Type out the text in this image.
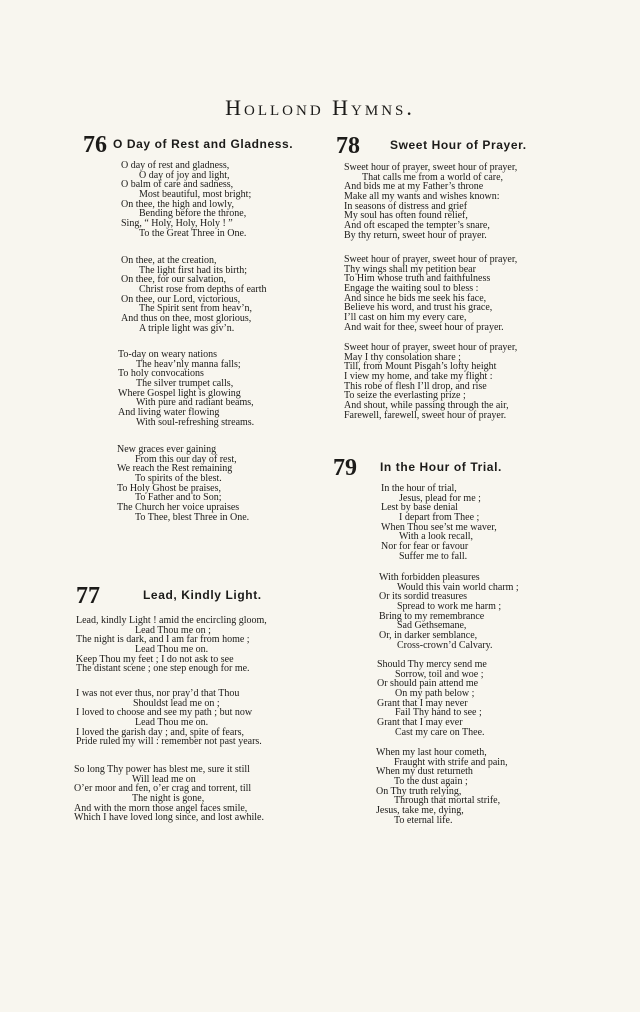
Hollond Hymns.
76 O Day of Rest and Gladness.
O day of rest and gladness,
O day of joy and light,
O balm of care and sadness,
Most beautiful, most bright;
On thee, the high and lowly,
Bending before the throne,
Sing, “ Holy, Holy, Holy ! ”
To the Great Three in One.
On thee, at the creation,
The light first had its birth;
On thee, for our salvation,
Christ rose from depths of earth
On thee, our Lord, victorious,
The Spirit sent from heav’n,
And thus on thee, most glorious,
A triple light was giv’n.
To-day on weary nations
The heav’nly manna falls;
To holy convocations
The silver trumpet calls,
Where Gospel light is glowing
With pure and radiant beams,
And living water flowing
With soul-refreshing streams.
New graces ever gaining
From this our day of rest,
We reach the Rest remaining
To spirits of the blest.
To Holy Ghost be praises,
To Father and to Son;
The Church her voice upraises
To Thee, blest Three in One.
77	Lead, Kindly Light.
Lead, kindly Light ! amid the encircling gloom,
Lead Thou me on ;
The night is dark, and I am far from home ;
Lead Thou me on.
Keep Thou my feet ; I do not ask to see
The distant scene ; one step enough for me.
I was not ever thus, nor pray’d that Thou
Shouldst lead me on ;
I loved to choose and see my path ; but now
Lead Thou me on.
I loved the garish day ; and, spite of fears,
Pride ruled my will : remember not past years.
So long Thy power has blest me, sure it still
Will lead me on
O’er moor and fen, o’er crag and torrent, till
The night is gone,
And with the morn those angel faces smile,
Which I have loved long since, and lost awhile.
78	Sweet Hour of Prayer.
Sweet hour of prayer, sweet hour of prayer,
That calls me from a world of care,
And bids me at my Father’s throne
Make all my wants and wishes known:
In seasons of distress and grief
My soul has often found relief,
And oft escaped the tempter’s snare,
By thy return, sweet hour of prayer.
Sweet hour of prayer, sweet hour of prayer,
Thy wings shall my petition bear
To Him whose truth and faithfulness
Engage the waiting soul to bless :
And since he bids me seek his face,
Believe his word, and trust his grace,
I’ll cast on him my every care,
And wait for thee, sweet hour of prayer.
Sweet hour of prayer, sweet hour of prayer,
May I thy consolation share ;
Till, from Mount Pisgah’s lofty height
I view my home, and take my flight :
This robe of flesh I’ll drop, and rise
To seize the everlasting prize ;
And shout, while passing through the air,
Farewell, farewell, sweet hour of prayer.
79 In the Hour of Trial.
In the hour of trial,
Jesus, plead for me ;
Lest by base denial
I depart from Thee ;
When Thou see’st me waver,
With a look recall,
Nor for fear or favour
Suffer me to fall.
With forbidden pleasures
Would this vain world charm ;
Or its sordid treasures
Spread to work me harm ;
Bring to my remembrance
Sad Gethsemane,
Or, in darker semblance,
Cross-crown’d Calvary.
Should Thy mercy send me
Sorrow, toil and woe ;
Or should pain attend me
On my path below ;
Grant that I may never
Fail Thy hand to see ;
Grant that I may ever
Cast my care on Thee.
When my last hour cometh,
Fraught with strife and pain,
When my dust returneth
To the dust again ;
On Thy truth relying,
Through that mortal strife,
Jesus, take me, dying,
To eternal life.
